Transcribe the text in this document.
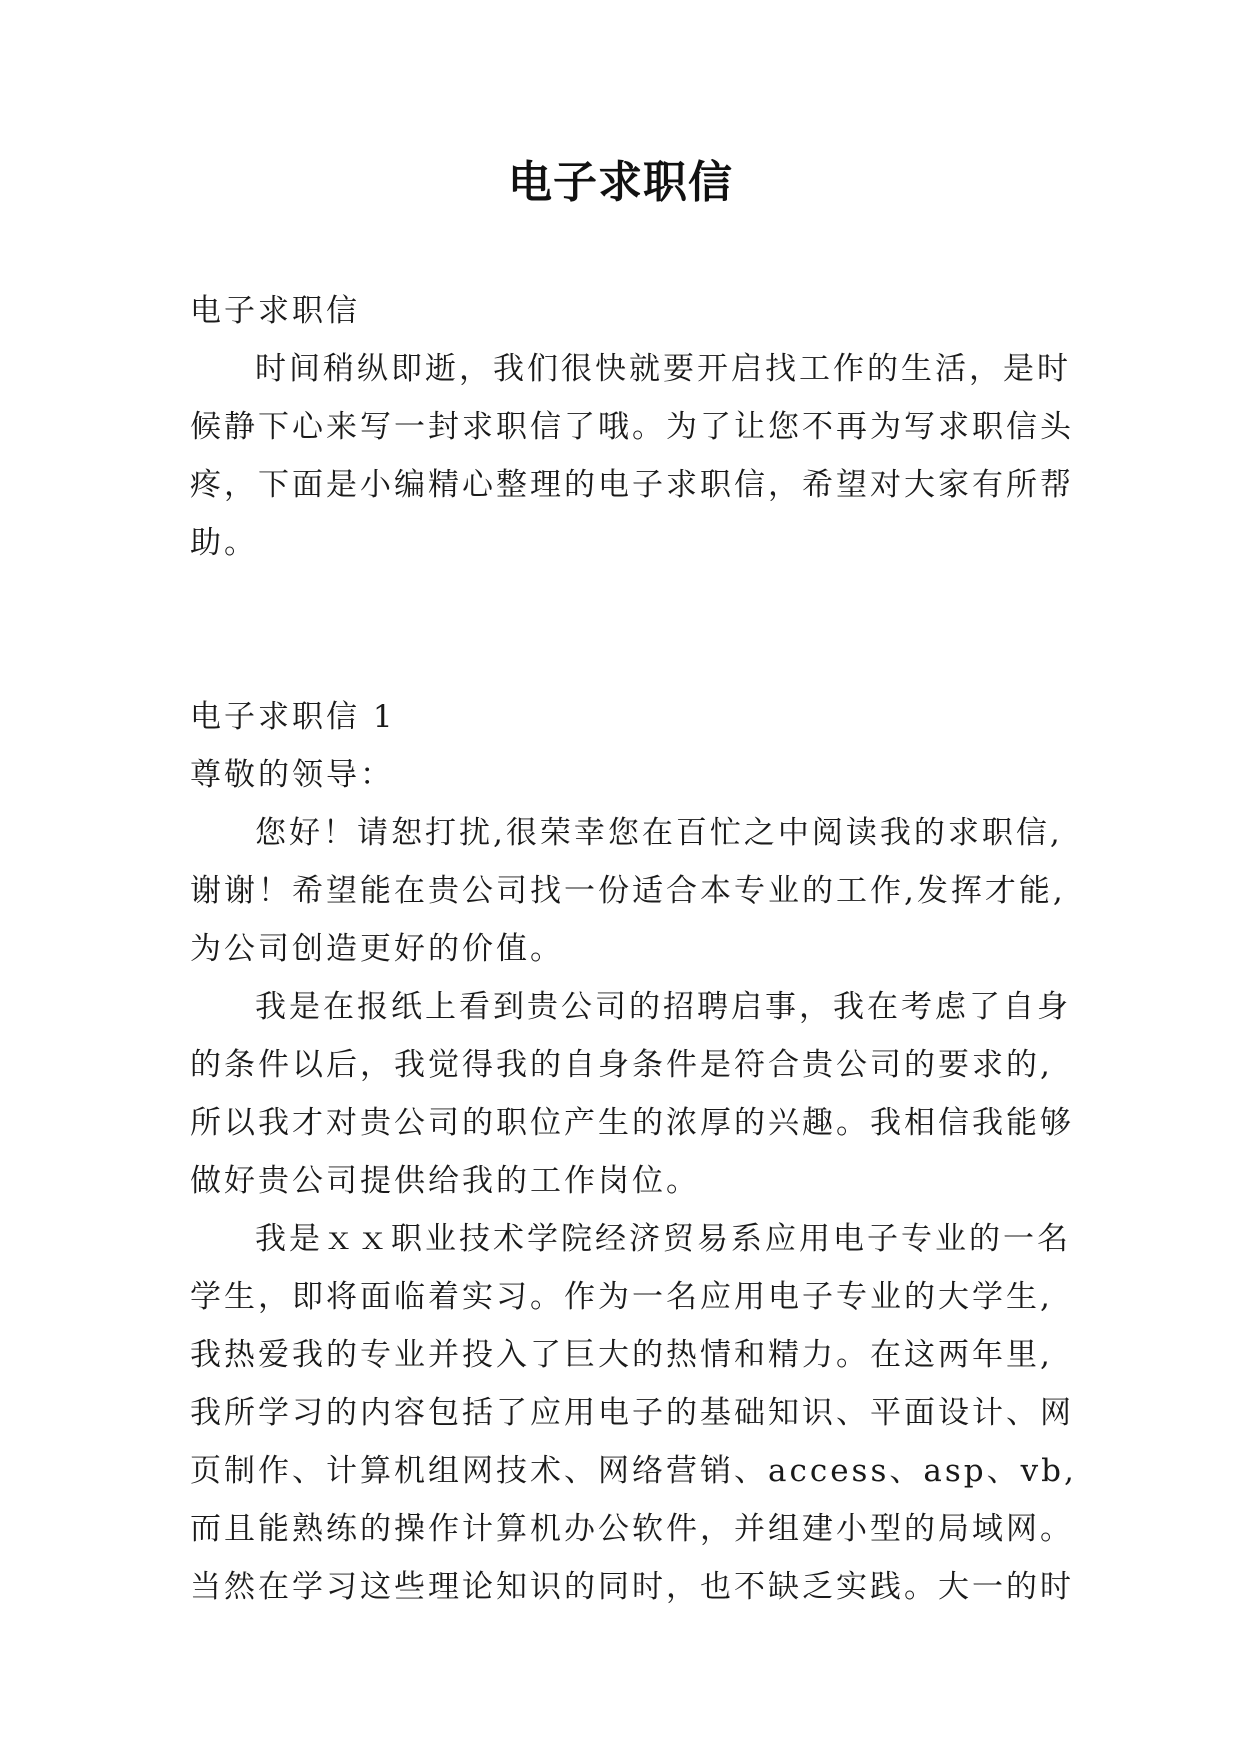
电子求职信

电子求职信

时间稍纵即逝，我们很快就要开启找工作的生活，是时
候静下心来写一封求职信了哦。为了让您不再为写求职信头
疼，下面是小编精心整理的电子求职信，希望对大家有所帮
助。

电子求职信 1

尊敬的领导：

您好！请恕打扰,很荣幸您在百忙之中阅读我的求职信,
谢谢！希望能在贵公司找一份适合本专业的工作,发挥才能,
为公司创造更好的价值。

我是在报纸上看到贵公司的招聘启事，我在考虑了自身
的条件以后，我觉得我的自身条件是符合贵公司的要求的,
所以我才对贵公司的职位产生的浓厚的兴趣。我相信我能够
做好贵公司提供给我的工作岗位。

我是ｘｘ职业技术学院经济贸易系应用电子专业的一名
学生，即将面临着实习。作为一名应用电子专业的大学生,
我热爱我的专业并投入了巨大的热情和精力。在这两年里,
我所学习的内容包括了应用电子的基础知识、平面设计、网
页制作、计算机组网技术、网络营销、access、asp、vb,
而且能熟练的操作计算机办公软件，并组建小型的局域网。
当然在学习这些理论知识的同时，也不缺乏实践。大一的时
